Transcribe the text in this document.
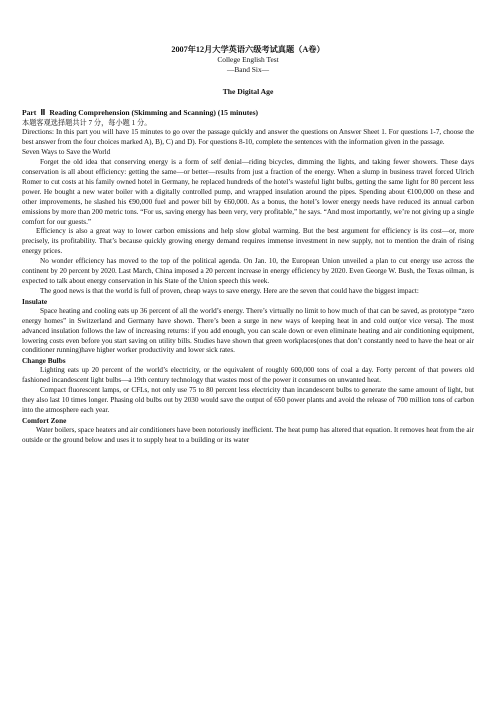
2007年12月大学英语六级考试真题（A卷）
College English Test
—Band Six—
The Digital Age
Part Ⅱ Reading Comprehension (Skimming and Scanning) (15 minutes)

本题客观选择题共计 7 分，每小题 1 分。

Directions: In this part you will have 15 minutes to go over the passage quickly and answer the questions on Answer Sheet 1. For questions 1-7, choose the best answer from the four choices marked A), B), C) and D). For questions 8-10, complete the sentences with the information given in the passage.

Seven Ways to Save the World

Forget the old idea that conserving energy is a form of self denial—riding bicycles, dimming the lights, and taking fewer showers. These days conservation is all about efficiency: getting the same—or better—results from just a fraction of the energy. When a slump in business travel forced Ulrich Romer to cut costs at his family owned hotel in Germany, he replaced hundreds of the hotel’s wasteful light bulbs, getting the same light for 80 percent less power. He bought a new water boiler with a digitally controlled pump, and wrapped insulation around the pipes. Spending about €100,000 on these and other improvements, he slashed his €90,000 fuel and power bill by €60,000. As a bonus, the hotel’s lower energy needs have reduced its annual carbon emissions by more than 200 metric tons. “For us, saving energy has been very, very profitable,” he says. “And most importantly, we’re not giving up a single comfort for our guests.”

Efficiency is also a great way to lower carbon emissions and help slow global warming. But the best argument for efficiency is its cost—or, more precisely, its profitability. That’s because quickly growing energy demand requires immense investment in new supply, not to mention the drain of rising energy prices.

No wonder efficiency has moved to the top of the political agenda. On Jan. 10, the European Union unveiled a plan to cut energy use across the continent by 20 percent by 2020. Last March, China imposed a 20 percent increase in energy efficiency by 2020. Even George W. Bush, the Texas oilman, is expected to talk about energy conservation in his State of the Union speech this week.

The good news is that the world is full of proven, cheap ways to save energy. Here are the seven that could have the biggest impact:

Insulate

Space heating and cooling eats up 36 percent of all the world’s energy. There’s virtually no limit to how much of that can be saved, as prototype “zero energy homes” in Switzerland and Germany have shown. There’s been a surge in new ways of keeping heat in and cold out(or vice versa). The most advanced insulation follows the law of increasing returns: if you add enough, you can scale down or even eliminate heating and air conditioning equipment, lowering costs even before you start saving on utility bills. Studies have shown that green workplaces(ones that don’t constantly need to have the heat or air conditioner running)have higher worker productivity and lower sick rates.

Change Bulbs

Lighting eats up 20 percent of the world’s electricity, or the equivalent of roughly 600,000 tons of coal a day. Forty percent of that powers old fashioned incandescent light bulbs—a 19th century technology that wastes most of the power it consumes on unwanted heat.

Compact fluorescent lamps, or CFLs, not only use 75 to 80 percent less electricity than incandescent bulbs to generate the same amount of light, but they also last 10 times longer. Phasing old bulbs out by 2030 would save the output of 650 power plants and avoid the release of 700 million tons of carbon into the atmosphere each year.

Comfort Zone

Water boilers, space heaters and air conditioners have been notoriously inefficient. The heat pump has altered that equation. It removes heat from the air outside or the ground below and uses it to supply heat to a building or its water
